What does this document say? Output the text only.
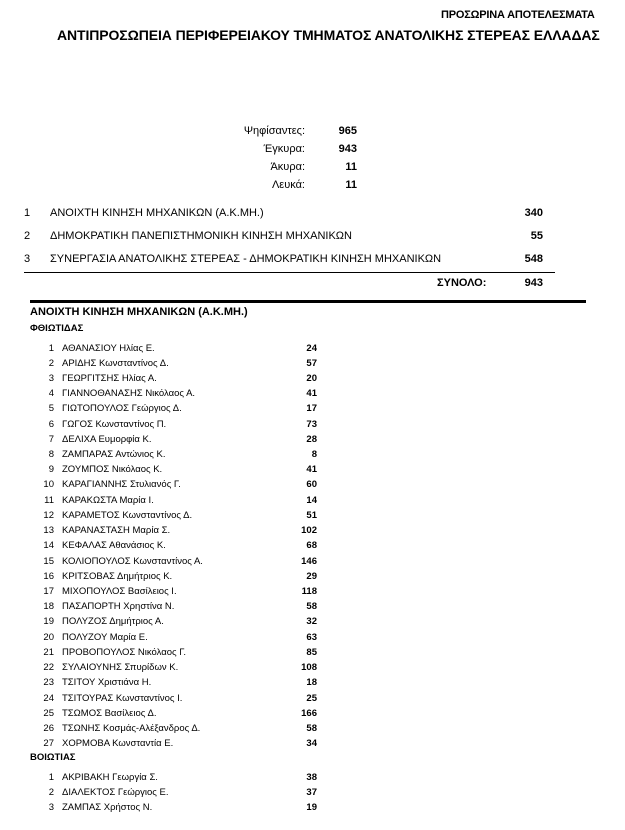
ΠΡΟΣΩΡΙΝΑ ΑΠΟΤΕΛΕΣΜΑΤΑ
ΑΝΤΙΠΡΟΣΩΠΕΙΑ ΠΕΡΙΦΕΡΕΙΑΚΟΥ ΤΜΗΜΑΤΟΣ ΑΝΑΤΟΛΙΚΗΣ ΣΤΕΡΕΑΣ ΕΛΛΑΔΑΣ
Ψηφίσαντες:	965
Έγκυρα:	943
Άκυρα:	11
Λευκά:	11
1 ΑΝΟΙΧΤΗ ΚΙΝΗΣΗ ΜΗΧΑΝΙΚΩΝ (Α.Κ.ΜΗ.)	340
2 ΔΗΜΟΚΡΑΤΙΚΗ ΠΑΝΕΠΙΣΤΗΜΟΝΙΚΗ ΚΙΝΗΣΗ ΜΗΧΑΝΙΚΩΝ	55
3 ΣΥΝΕΡΓΑΣΙΑ ΑΝΑΤΟΛΙΚΗΣ ΣΤΕΡΕΑΣ - ΔΗΜΟΚΡΑΤΙΚΗ ΚΙΝΗΣΗ ΜΗΧΑΝΙΚΩΝ	548
ΣΥΝΟΛΟ:	943
ΑΝΟΙΧΤΗ ΚΙΝΗΣΗ ΜΗΧΑΝΙΚΩΝ (Α.Κ.ΜΗ.)
ΦΘΙΩΤΙΔΑΣ
1 ΑΘΑΝΑΣΙΟΥ Ηλίας Ε.	24
2 ΑΡΙΔΗΣ Κωνσταντίνος Δ.	57
3 ΓΕΩΡΓΙΤΣΗΣ Ηλίας Α.	20
4 ΓΙΑΝΝΟΘΑΝΑΣΗΣ Νικόλαος Α.	41
5 ΓΙΩΤΟΠΟΥΛΟΣ Γεώργιος Δ.	17
6 ΓΩΓΟΣ Κωνσταντίνος Π.	73
7 ΔΕΛΙΧΑ Ευμορφία Κ.	28
8 ΖΑΜΠΑΡΑΣ Αντώνιος Κ.	8
9 ΖΟΥΜΠΟΣ Νικόλαος Κ.	41
10 ΚΑΡΑΓΙΑΝΝΗΣ Στυλιανός Γ.	60
11 ΚΑΡΑΚΩΣΤΑ Μαρία Ι.	14
12 ΚΑΡΑΜΕΤΟΣ Κωνσταντίνος Δ.	51
13 ΚΑΡΑΝΑΣΤΑΣΗ Μαρία Σ.	102
14 ΚΕΦΑΛΑΣ Αθανάσιος Κ.	68
15 ΚΟΛΙΟΠΟΥΛΟΣ Κωνσταντίνος Α.	146
16 ΚΡΙΤΣΟΒΑΣ Δημήτριος Κ.	29
17 ΜΙΧΟΠΟΥΛΟΣ Βασίλειος Ι.	118
18 ΠΑΣΑΠΟΡΤΗ Χρηστίνα Ν.	58
19 ΠΟΛΥΖΟΣ Δημήτριος Α.	32
20 ΠΟΛΥΖΟΥ Μαρία Ε.	63
21 ΠΡΟΒΟΠΟΥΛΟΣ Νικόλαος Γ.	85
22 ΣΥΛΑΙΟΥΝΗΣ Σπυρίδων Κ.	108
23 ΤΣΙΤΟΥ Χριστιάνα Η.	18
24 ΤΣΙΤΟΥΡΑΣ Κωνσταντίνος Ι.	25
25 ΤΣΩΜΟΣ Βασίλειος Δ.	166
26 ΤΣΩΝΗΣ Κοσμάς-Αλέξανδρος Δ.	58
27 ΧΟΡΜΟΒΑ Κωνσταντία Ε.	34
ΒΟΙΩΤΙΑΣ
1 ΑΚΡΙΒΑΚΗ Γεωργία Σ.	38
2 ΔΙΑΛΕΚΤΟΣ Γεώργιος Ε.	37
3 ΖΑΜΠΑΣ Χρήστος Ν.	19
